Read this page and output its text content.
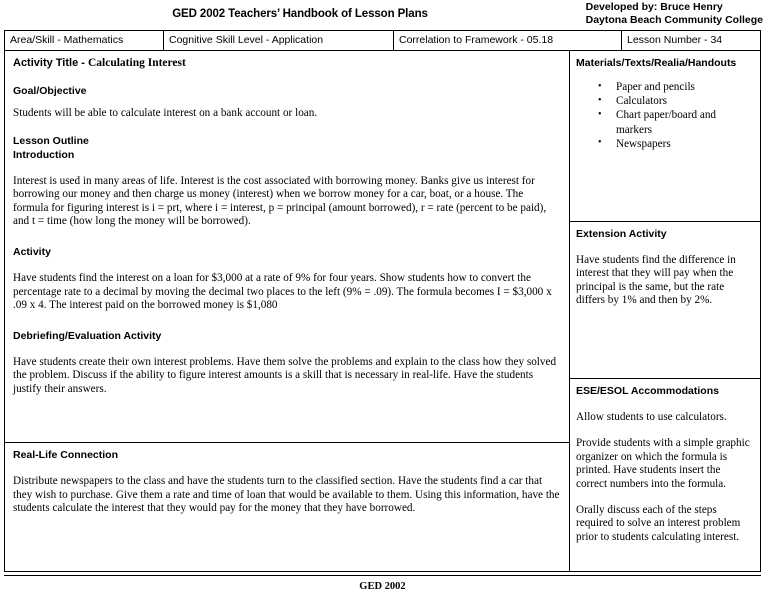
GED 2002 Teachers’ Handbook of Lesson Plans
Developed by: Bruce Henry
Daytona Beach Community College
Area/Skill - Mathematics	Cognitive Skill Level - Application	Correlation to Framework - 05.18	Lesson Number - 34
Activity Title - Calculating Interest
Goal/Objective

Students will be able to calculate interest on a bank account or loan.

Lesson Outline
Introduction

Interest is used in many areas of life. Interest is the cost associated with borrowing money. Banks give us interest for borrowing our money and then charge us money (interest) when we borrow money for a car, boat, or a house. The formula for figuring interest is i = prt, where i = interest, p = principal (amount borrowed), r = rate (percent to be paid), and t = time (how long the money will be borrowed).

Activity

Have students find the interest on a loan for $3,000 at a rate of 9% for four years. Show students how to convert the percentage rate to a decimal by moving the decimal two places to the left (9% = .09). The formula becomes I = $3,000 x .09 x 4. The interest paid on the borrowed money is $1,080

Debriefing/Evaluation Activity

Have students create their own interest problems. Have them solve the problems and explain to the class how they solved the problem. Discuss if the ability to figure interest amounts is a skill that is necessary in real-life. Have the students justify their answers.

Real-Life Connection

Distribute newspapers to the class and have the students turn to the classified section. Have the students find a car that they wish to purchase. Give them a rate and time of loan that would be available to them. Using this information, have the students calculate the interest that they would pay for the money that they have borrowed.

Materials/Texts/Realia/Handouts
• Paper and pencils
• Calculators
• Chart paper/board and markers
• Newspapers
Extension Activity

Have students find the difference in interest that they will pay when the principal is the same, but the rate differs by 1% and then by 2%.

ESE/ESOL Accommodations

Allow students to use calculators.

Provide students with a simple graphic organizer on which the formula is printed. Have students insert the correct numbers into the formula.

Orally discuss each of the steps required to solve an interest problem prior to students calculating interest.

GED 2002
